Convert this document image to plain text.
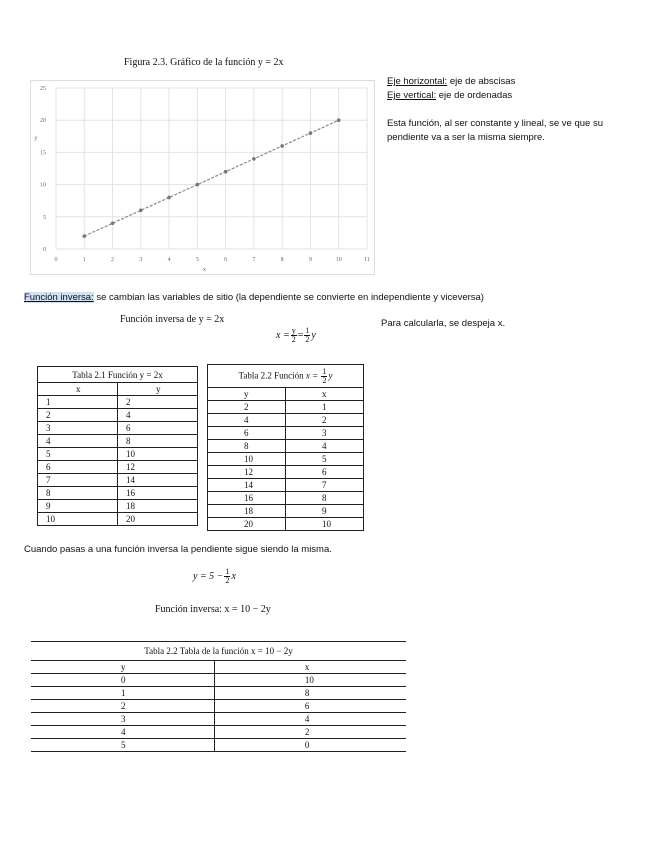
Figura 2.3. Gráfico de la función y = 2x
0	1	2	3	4	5	6	7	8	9	10	11
0
5
10
15
20
25
x
y
Eje horizontal: eje de abscisas
Eje vertical: eje de ordenadas
Esta función, al ser constante y lineal, se ve que su pendiente va a ser la misma siempre.
Función inversa: se cambian las variables de sitio (la dependiente se convierte en independiente y viceversa)
Función inversa de y = 2x
$x = \frac{y}{2} = \frac{1}{2}$ y
Para calcularla, se despeja x.
Tabla 2.1 Función y = 2x	
x	y
1	2
2	4
3	6
4	8
5	10
6	12
7	14
8	16
9	18
10	20
Tabla 2.2 Función $x = \frac{1}{2}$ y	
y	x
2	1
4	2
6	3
8	4
10	5
12	6
14	7
16	8
18	9
20	10
Cuando pasas a una función inversa la pendiente sigue siendo la misma.
$y = 5 - \frac{1}{2}$ x
Función inversa: x = 10 − 2y
Tabla 2.2 Tabla de la función x = 10 − 2y	
y	x
0	10
1	8
2	6
3	4
4	2
5	0
